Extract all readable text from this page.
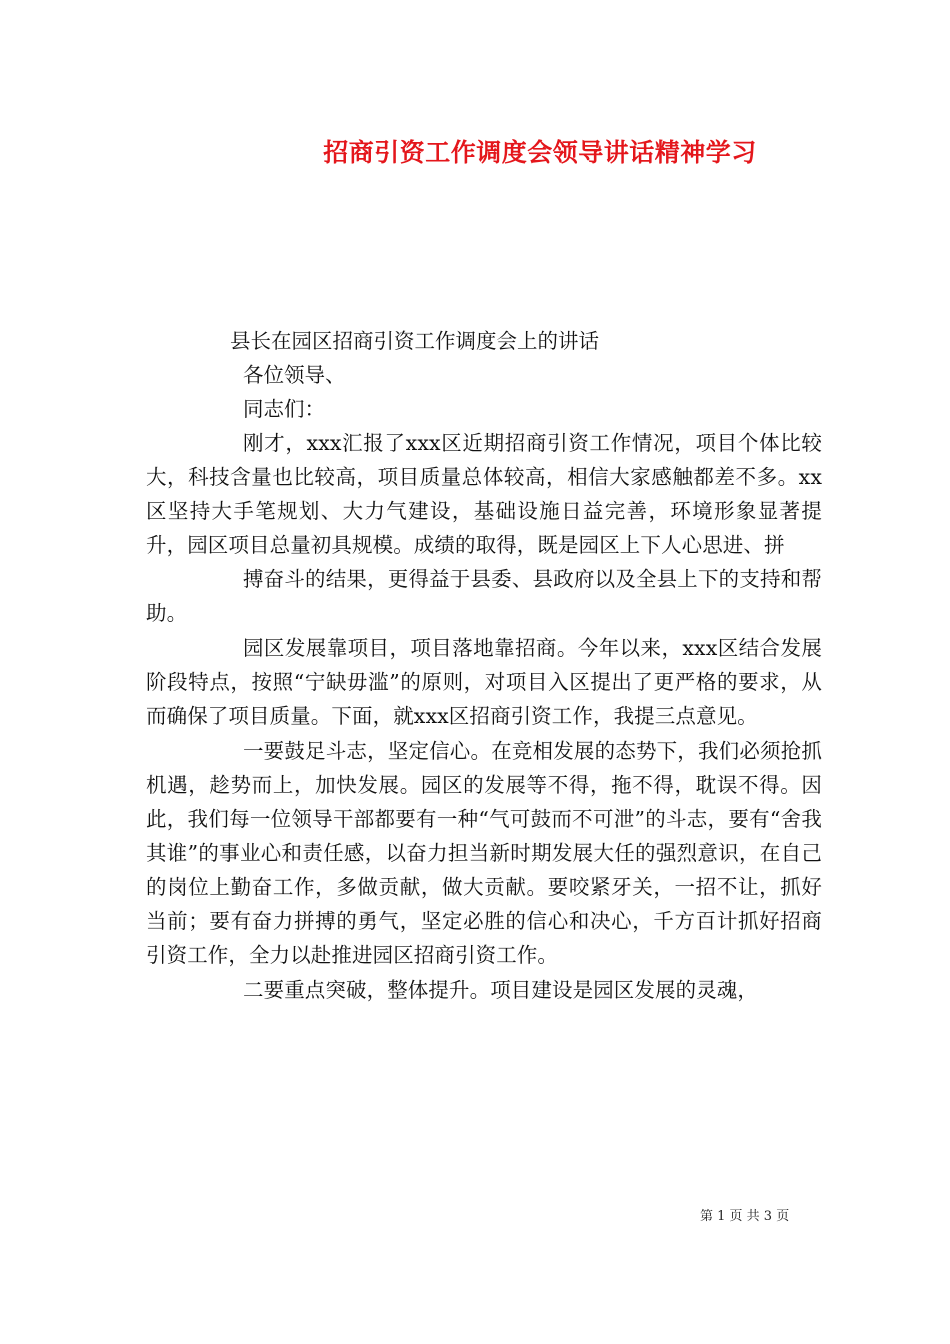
招商引资工作调度会领导讲话精神学习
县长在园区招商引资工作调度会上的讲话
各位领导、
同志们：

刚才，xxx汇报了xxx区近期招商引资工作情况，项目个体比较大，科技含量也比较高，项目质量总体较高，相信大家感触都差不多。xx区坚持大手笔规划、大力气建设，基础设施日益完善，环境形象显著提升，园区项目总量初具规模。成绩的取得，既是园区上下人心思进、拼

搏奋斗的结果，更得益于县委、县政府以及全县上下的支持和帮助。

园区发展靠项目，项目落地靠招商。今年以来，xxx区结合发展阶段特点，按照“宁缺毋滥”的原则，对项目入区提出了更严格的要求，从而确保了项目质量。下面，就xxx区招商引资工作，我提三点意见。

一要鼓足斗志，坚定信心。在竞相发展的态势下，我们必须抢抓机遇，趁势而上，加快发展。园区的发展等不得，拖不得，耽误不得。因此，我们每一位领导干部都要有一种“气可鼓而不可泄”的斗志，要有“舍我其谁”的事业心和责任感，以奋力担当新时期发展大任的强烈意识，在自己的岗位上勤奋工作，多做贡献，做大贡献。要咬紧牙关，一招不让，抓好当前；要有奋力拼搏的勇气，坚定必胜的信心和决心，千方百计抓好招商引资工作，全力以赴推进园区招商引资工作。

二要重点突破，整体提升。项目建设是园区发展的灵魂，

第 1 页 共 3 页
